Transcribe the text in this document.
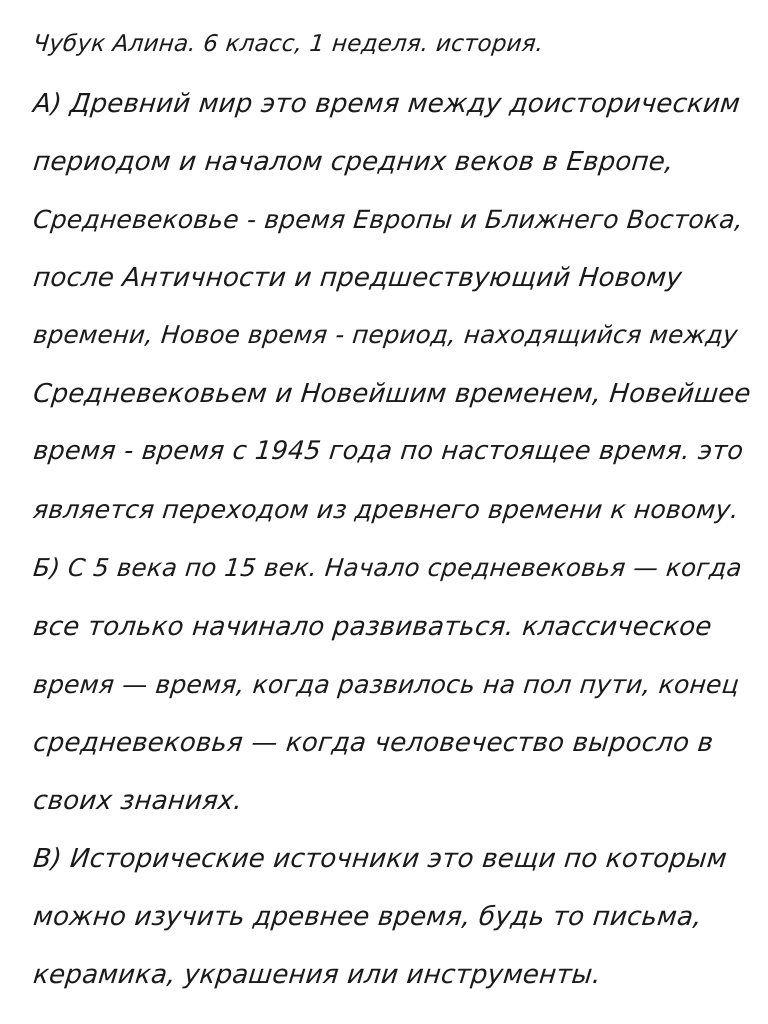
Чубук Алина. 6 класс, 1 неделя. история.
А) Древний мир это время между доисторическим
периодом и началом средних веков в Европе,
Средневековье - время Европы и Ближнего Востока,
после Античности и предшествующий Новому
времени, Новое время - период, находящийся между
Средневековьем и Новейшим временем, Новейшее
время - время с 1945 года по настоящее время. это
является переходом из древнего времени к новому.
Б) С 5 века по 15 век. Начало средневековья — когда
все только начинало развиваться. классическое
время — время, когда развилось на пол пути, конец
средневековья — когда человечество выросло в
своих знаниях.
В) Исторические источники это вещи по которым
можно изучить древнее время, будь то письма,
керамика, украшения или инструменты.
